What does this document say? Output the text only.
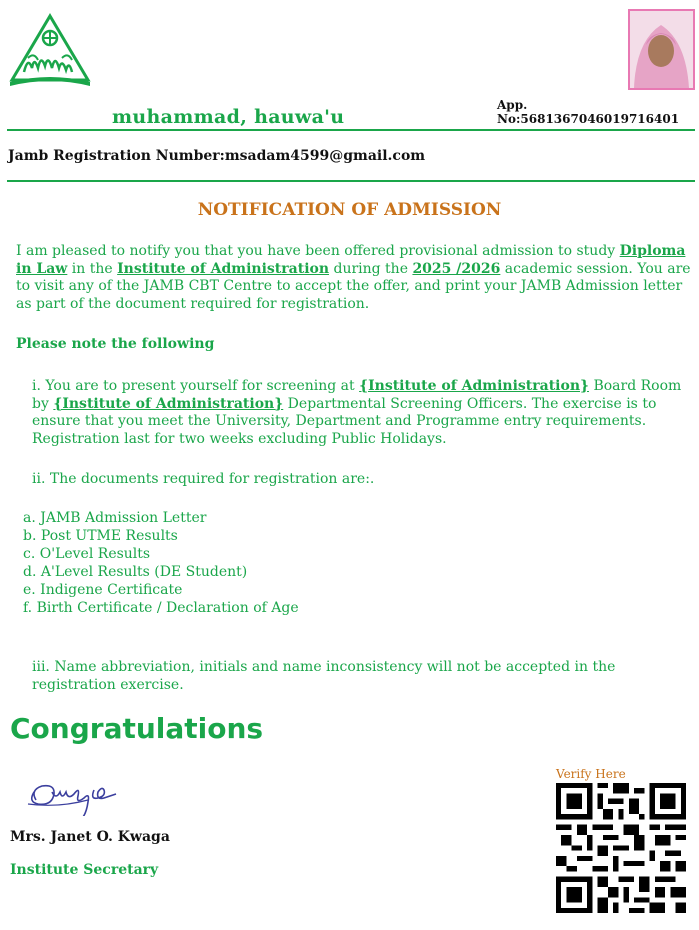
muhammad, hauwa'u
App. No:5681367046019716401
Jamb Registration Number:msadam4599@gmail.com
NOTIFICATION OF ADMISSION
I am pleased to notify you that you have been offered provisional admission to study Diploma in Law in the Institute of Administration during the 2025 /2026 academic session. You are to visit any of the JAMB CBT Centre to accept the offer, and print your JAMB Admission letter as part of the document required for registration.
Please note the following
i. You are to present yourself for screening at {Institute of Administration} Board Room by {Institute of Administration} Departmental Screening Officers. The exercise is to ensure that you meet the University, Department and Programme entry requirements. Registration last for two weeks excluding Public Holidays.
ii. The documents required for registration are:.
a. JAMB Admission Letter
b. Post UTME Results
c. O'Level Results
d. A'Level Results (DE Student)
e. Indigene Certificate
f. Birth Certificate / Declaration of Age
iii. Name abbreviation, initials and name inconsistency will not be accepted in the registration exercise.
Congratulations
Mrs. Janet O. Kwaga
Institute Secretary
Verify Here
